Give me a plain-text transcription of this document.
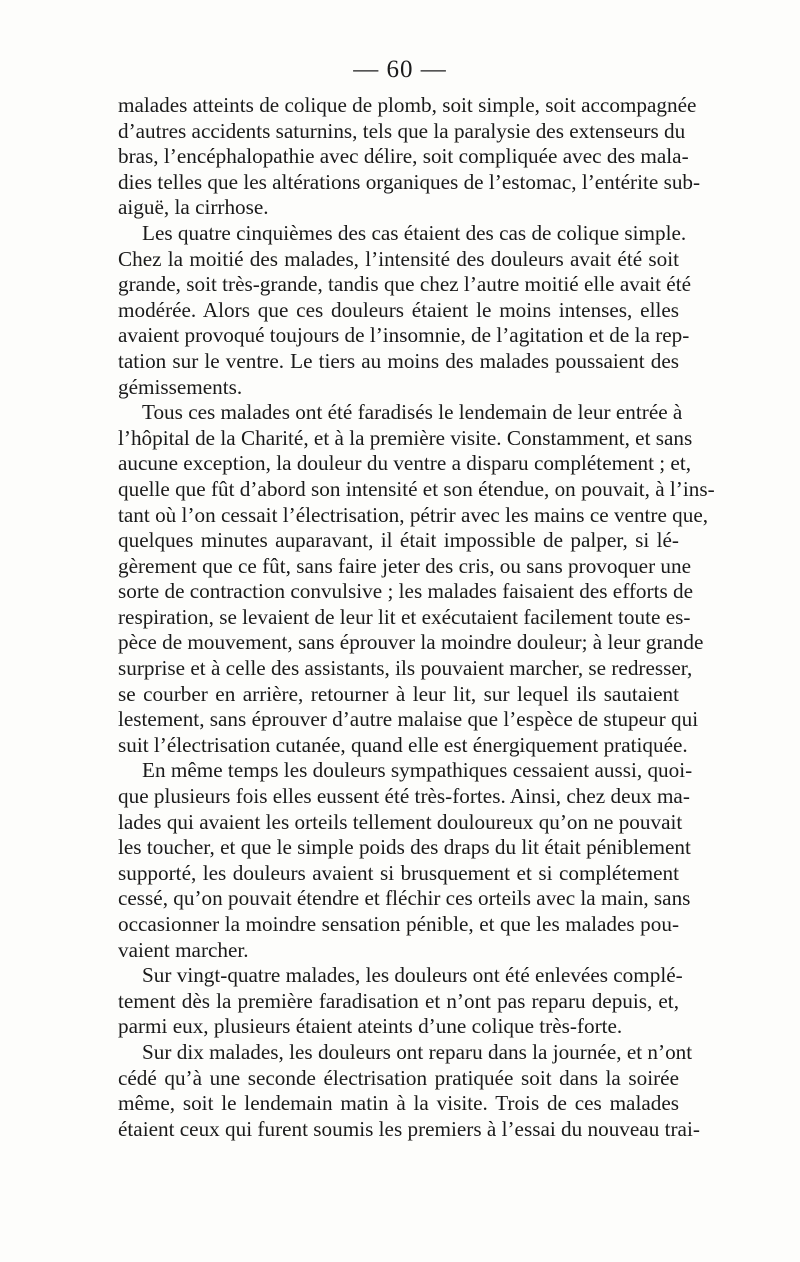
— 60 —

malades atteints de colique de plomb, soit simple, soit accompagnée
d’autres accidents saturnins, tels que la paralysie des extenseurs du
bras, l’encéphalopathie avec délire, soit compliquée avec des mala-
dies telles que les altérations organiques de l’estomac, l’entérite sub-
aiguë, la cirrhose.

Les quatre cinquièmes des cas étaient des cas de colique simple.
Chez la moitié des malades, l’intensité des douleurs avait été soit
grande, soit très-grande, tandis que chez l’autre moitié elle avait été
modérée. Alors que ces douleurs étaient le moins intenses, elles
avaient provoqué toujours de l’insomnie, de l’agitation et de la rep-
tation sur le ventre. Le tiers au moins des malades poussaient des
gémissements.

Tous ces malades ont été faradisés le lendemain de leur entrée à
l’hôpital de la Charité, et à la première visite. Constamment, et sans
aucune exception, la douleur du ventre a disparu complétement ; et,
quelle que fût d’abord son intensité et son étendue, on pouvait, à l’ins-
tant où l’on cessait l’électrisation, pétrir avec les mains ce ventre que,
quelques minutes auparavant, il était impossible de palper, si lé-
gèrement que ce fût, sans faire jeter des cris, ou sans provoquer une
sorte de contraction convulsive ; les malades faisaient des efforts de
respiration, se levaient de leur lit et exécutaient facilement toute es-
pèce de mouvement, sans éprouver la moindre douleur; à leur grande
surprise et à celle des assistants, ils pouvaient marcher, se redresser,
se courber en arrière, retourner à leur lit, sur lequel ils sautaient
lestement, sans éprouver d’autre malaise que l’espèce de stupeur qui
suit l’électrisation cutanée, quand elle est énergiquement pratiquée.

En même temps les douleurs sympathiques cessaient aussi, quoi-
que plusieurs fois elles eussent été très-fortes. Ainsi, chez deux ma-
lades qui avaient les orteils tellement douloureux qu’on ne pouvait
les toucher, et que le simple poids des draps du lit était péniblement
supporté, les douleurs avaient si brusquement et si complétement
cessé, qu’on pouvait étendre et fléchir ces orteils avec la main, sans
occasionner la moindre sensation pénible, et que les malades pou-
vaient marcher.

Sur vingt-quatre malades, les douleurs ont été enlevées complé-
tement dès la première faradisation et n’ont pas reparu depuis, et,
parmi eux, plusieurs étaient ateints d’une colique très-forte.

Sur dix malades, les douleurs ont reparu dans la journée, et n’ont
cédé qu’à une seconde électrisation pratiquée soit dans la soirée
même, soit le lendemain matin à la visite. Trois de ces malades
étaient ceux qui furent soumis les premiers à l’essai du nouveau trai-
